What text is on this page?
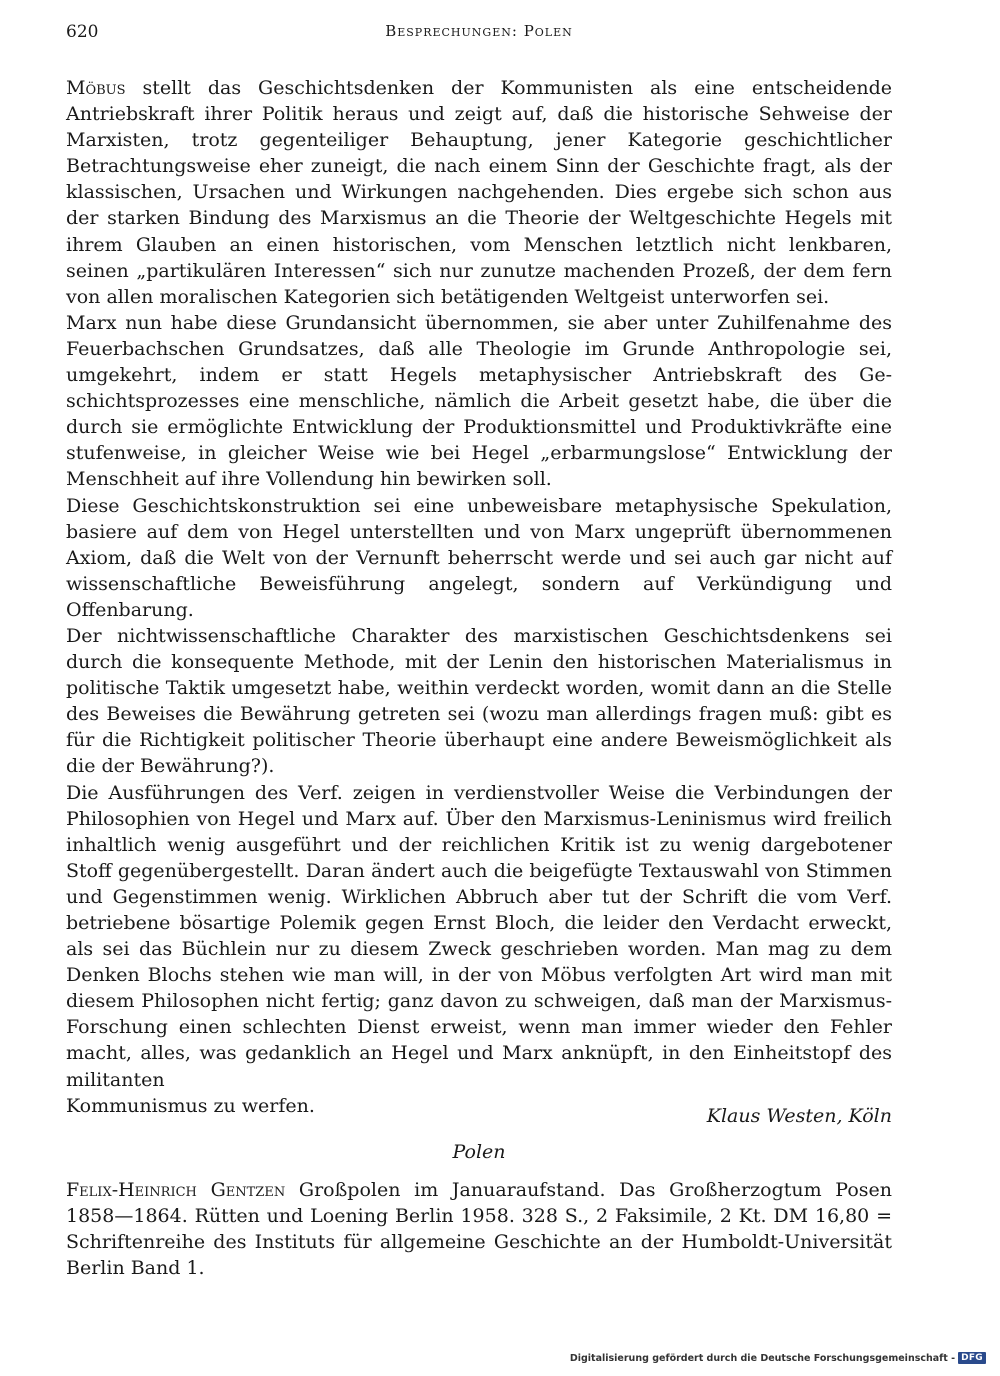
620	Besprechungen: Polen

Möbus stellt das Geschichtsdenken der Kommunisten als eine entscheidende Antriebskraft ihrer Politik heraus und zeigt auf, daß die historische Sehweise der Marxisten, trotz gegenteiliger Behauptung, jener Kategorie geschichtlicher Betrachtungsweise eher zuneigt, die nach einem Sinn der Geschichte fragt, als der klassischen, Ursachen und Wirkungen nachgehenden. Dies ergebe sich schon aus der starken Bindung des Marxismus an die Theorie der Weltgeschichte Hegels mit ihrem Glauben an einen historischen, vom Menschen letztlich nicht lenkbaren, seinen „partikulären Interessen“ sich nur zunutze machenden Prozeß, der dem fern von allen moralischen Kategorien sich betätigenden Weltgeist unterworfen sei.

Marx nun habe diese Grundansicht übernommen, sie aber unter Zuhilfenahme des Feuerbachschen Grundsatzes, daß alle Theologie im Grunde Anthropologie sei, umgekehrt, indem er statt Hegels metaphysischer Antriebskraft des Geschichtsprozesses eine menschliche, nämlich die Arbeit gesetzt habe, die über die durch sie ermöglichte Entwicklung der Produktionsmittel und Produktivkräfte eine stufenweise, in gleicher Weise wie bei Hegel „erbarmungslose“ Entwicklung der Menschheit auf ihre Vollendung hin bewirken soll.

Diese Geschichtskonstruktion sei eine unbeweisbare metaphysische Spekulation, basiere auf dem von Hegel unterstellten und von Marx ungeprüft übernommenen Axiom, daß die Welt von der Vernunft beherrscht werde und sei auch gar nicht auf wissenschaftliche Beweisführung angelegt, sondern auf Verkündigung und Offenbarung.

Der nichtwissenschaftliche Charakter des marxistischen Geschichtsdenkens sei durch die konsequente Methode, mit der Lenin den historischen Materialismus in politische Taktik umgesetzt habe, weithin verdeckt worden, womit dann an die Stelle des Beweises die Bewährung getreten sei (wozu man allerdings fragen muß: gibt es für die Richtigkeit politischer Theorie überhaupt eine andere Beweismöglichkeit als die der Bewährung?).

Die Ausführungen des Verf. zeigen in verdienstvoller Weise die Verbindungen der Philosophien von Hegel und Marx auf. Über den Marxismus-Leninismus wird freilich inhaltlich wenig ausgeführt und der reichlichen Kritik ist zu wenig dargebotener Stoff gegenübergestellt. Daran ändert auch die beigefügte Textauswahl von Stimmen und Gegenstimmen wenig. Wirklichen Abbruch aber tut der Schrift die vom Verf. betriebene bösartige Polemik gegen Ernst Bloch, die leider den Verdacht erweckt, als sei das Büchlein nur zu diesem Zweck geschrieben worden. Man mag zu dem Denken Blochs stehen wie man will, in der von Möbus verfolgten Art wird man mit diesem Philosophen nicht fertig; ganz davon zu schweigen, daß man der Marxismus-Forschung einen schlechten Dienst erweist, wenn man immer wieder den Fehler macht, alles, was gedanklich an Hegel und Marx anknüpft, in den Einheitstopf des militanten

Kommunismus zu werfen.	Klaus Westen, Köln
Polen

Felix-Heinrich Gentzen Großpolen im Januaraufstand. Das Großherzogtum Posen 1858—1864. Rütten und Loening Berlin 1958. 328 S., 2 Faksimile, 2 Kt. DM 16,80 = Schriftenreihe des Instituts für allgemeine Geschichte an der Humboldt-Universität Berlin Band 1.

Digitalisierung gefördert durch die Deutsche Forschungsgemeinschaft - DFG
